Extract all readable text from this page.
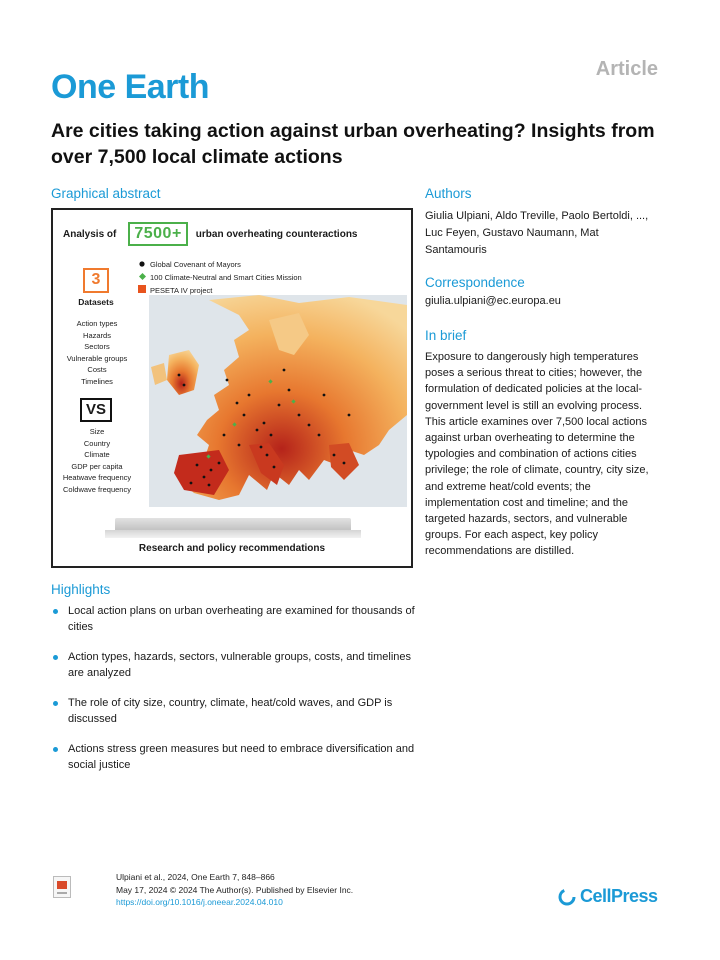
Article
One Earth
Are cities taking action against urban overheating? Insights from over 7,500 local climate actions
Graphical abstract
Analysis of	7500+	urban overheating counteractions
3
Datasets
Global Covenant of Mayors
100 Climate-Neutral and Smart Cities Mission
PESETA IV project
Action types
Hazards
Sectors
Vulnerable groups
Costs
Timelines
VS
Size
Country
Climate
GDP per capita
Heatwave frequency
Coldwave frequency
Research and policy recommendations
Highlights
Local action plans on urban overheating are examined for thousands of cities
Action types, hazards, sectors, vulnerable groups, costs, and timelines are analyzed
The role of city size, country, climate, heat/cold waves, and GDP is discussed
Actions stress green measures but need to embrace diversification and social justice
Authors
Giulia Ulpiani, Aldo Treville, Paolo Bertoldi, ..., Luc Feyen, Gustavo Naumann, Mat Santamouris
Correspondence
giulia.ulpiani@ec.europa.eu
In brief
Exposure to dangerously high temperatures poses a serious threat to cities; however, the formulation of dedicated policies at the local-government level is still an evolving process. This article examines over 7,500 local actions against urban overheating to determine the typologies and combination of actions cities privilege; the role of climate, country, city size, and extreme heat/cold events; the implementation cost and timeline; and the targeted hazards, sectors, and vulnerable groups. For each aspect, key policy recommendations are distilled.
Ulpiani et al., 2024, One Earth 7, 848–866
May 17, 2024 © 2024 The Author(s). Published by Elsevier Inc.
https://doi.org/10.1016/j.oneear.2024.04.010	CellPress
